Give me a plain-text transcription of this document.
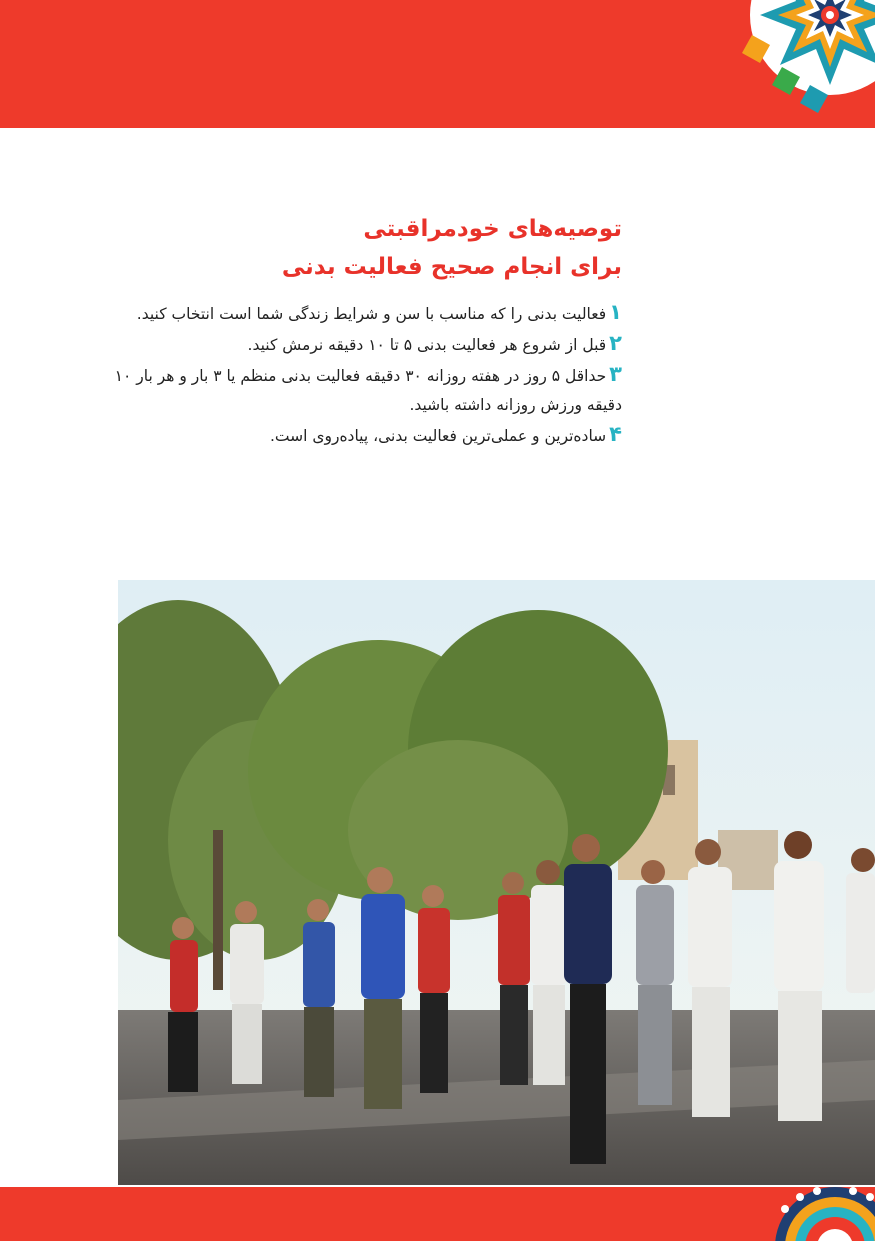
توصیه‌های خودمراقبتی
برای انجام صحیح فعالیت بدنی
۱فعالیت بدنی را که مناسب با سن و شرایط زندگی شما است انتخاب کنید.
۲قبل از شروع هر فعالیت بدنی ۵ تا ۱۰ دقیقه نرمش کنید.
۳حداقل ۵ روز در هفته روزانه ۳۰ دقیقه فعالیت بدنی منظم یا ۳ بار و هر بار ۱۰ دقیقه ورزش روزانه داشته باشید.
۴ساده‌ترین و عملی‌ترین فعالیت بدنی، پیاده‌روی است.
